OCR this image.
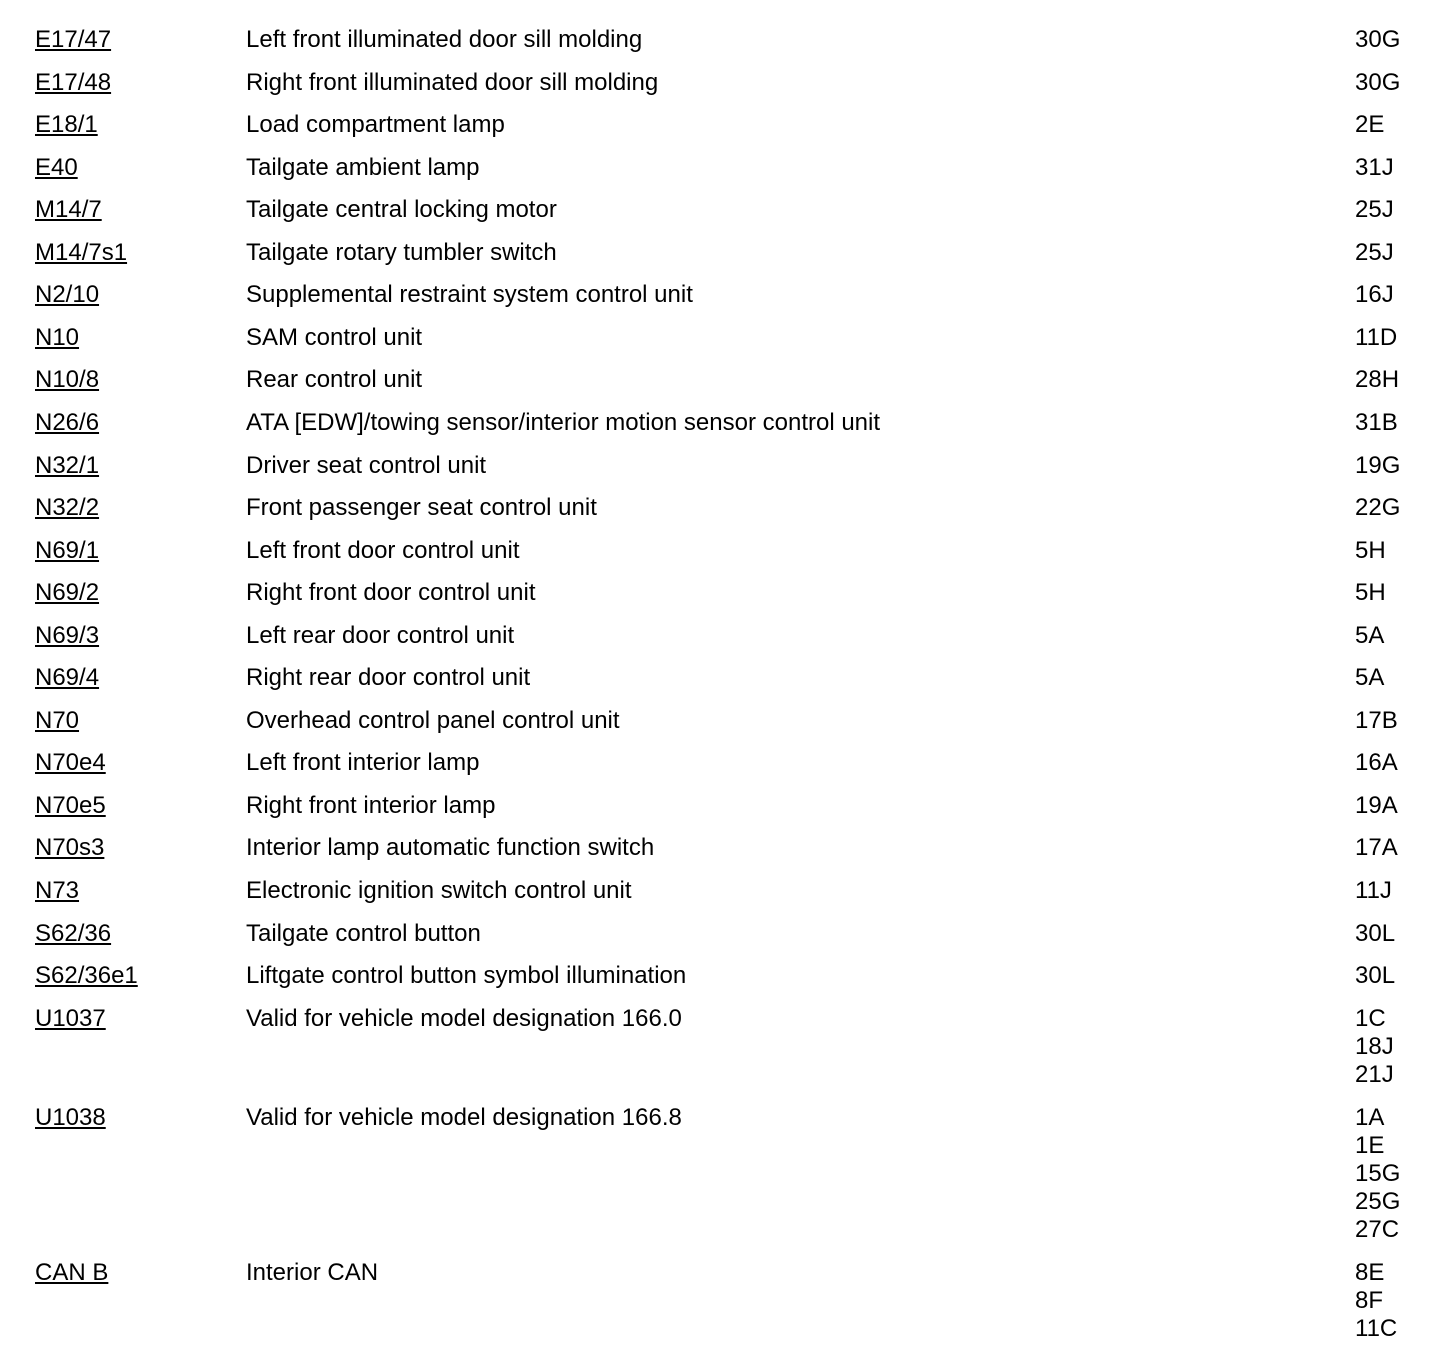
E17/47	Left front illuminated door sill molding	30G
E17/48	Right front illuminated door sill molding	30G
E18/1	Load compartment lamp	2E
E40	Tailgate ambient lamp	31J
M14/7	Tailgate central locking motor	25J
M14/7s1	Tailgate rotary tumbler switch	25J
N2/10	Supplemental restraint system control unit	16J
N10	SAM control unit	11D
N10/8	Rear control unit	28H
N26/6	ATA [EDW]/towing sensor/interior motion sensor control unit	31B
N32/1	Driver seat control unit	19G
N32/2	Front passenger seat control unit	22G
N69/1	Left front door control unit	5H
N69/2	Right front door control unit	5H
N69/3	Left rear door control unit	5A
N69/4	Right rear door control unit	5A
N70	Overhead control panel control unit	17B
N70e4	Left front interior lamp	16A
N70e5	Right front interior lamp	19A
N70s3	Interior lamp automatic function switch	17A
N73	Electronic ignition switch control unit	11J
S62/36	Tailgate control button	30L
S62/36e1	Liftgate control button symbol illumination	30L
U1037	Valid for vehicle model designation 166.0	1C
18J
21J
U1038	Valid for vehicle model designation 166.8	1A
1E
15G
25G
27C
CAN B	Interior CAN	8E
8F
11C
